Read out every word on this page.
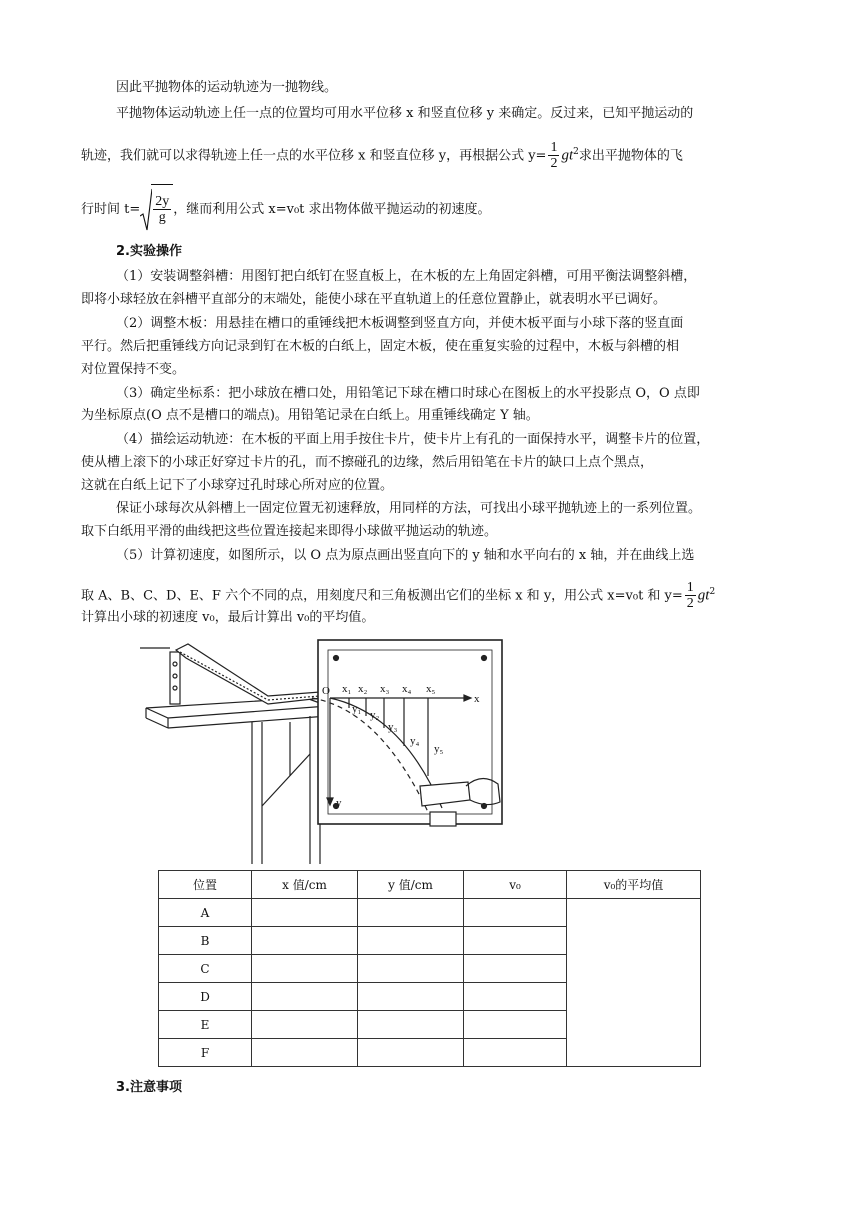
因此平抛物体的运动轨迹为一抛物线。
平抛物体运动轨迹上任一点的位置均可用水平位移 x 和竖直位移 y 来确定。反过来，已知平抛运动的
轨迹，我们就可以求得轨迹上任一点的水平位移 x 和竖直位移 y，再根据公式 $y= \frac{1}{2} gt^2$求出平抛物体的飞
行时间 $t= \frac{2y}{g}$ ，继而利用公式 x=v₀t 求出物体做平抛运动的初速度。
2.实验操作
（1）安装调整斜槽：用图钉把白纸钉在竖直板上，在木板的左上角固定斜槽，可用平衡法调整斜槽，
即将小球轻放在斜槽平直部分的末端处，能使小球在平直轨道上的任意位置静止，就表明水平已调好。
（2）调整木板：用悬挂在槽口的重锤线把木板调整到竖直方向，并使木板平面与小球下落的竖直面
平行。然后把重锤线方向记录到钉在木板的白纸上，固定木板，使在重复实验的过程中，木板与斜槽的相
对位置保持不变。
（3）确定坐标系：把小球放在槽口处，用铅笔记下球在槽口时球心在图板上的水平投影点 O，O 点即
为坐标原点(O 点不是槽口的端点)。用铅笔记录在白纸上。用重锤线确定 Y 轴。
（4）描绘运动轨迹：在木板的平面上用手按住卡片，使卡片上有孔的一面保持水平，调整卡片的位置，
使从槽上滚下的小球正好穿过卡片的孔，而不擦碰孔的边缘，然后用铅笔在卡片的缺口上点个黑点，
这就在白纸上记下了小球穿过孔时球心所对应的位置。
保证小球每次从斜槽上一固定位置无初速释放，用同样的方法，可找出小球平抛轨迹上的一系列位置。
取下白纸用平滑的曲线把这些位置连接起来即得小球做平抛运动的轨迹。
（5）计算初速度，如图所示，以 O 点为原点画出竖直向下的 y 轴和水平向右的 x 轴，并在曲线上选
取 A、B、C、D、E、F 六个不同的点，用刻度尺和三角板测出它们的坐标 x 和 y，用公式 x=v₀t 和 $y= \frac{1}{2} gt^2$
计算出小球的初速度 v₀，最后计算出 v₀的平均值。
O
x
y
x₁ x₂ x₃ x₄ x₅
y₁ y₂
y₃
y₄
y₅
位置	x 值/cm	y 值/cm	v₀	v₀的平均值
A				
B				
C				
D				
E				
F				
3.注意事项
